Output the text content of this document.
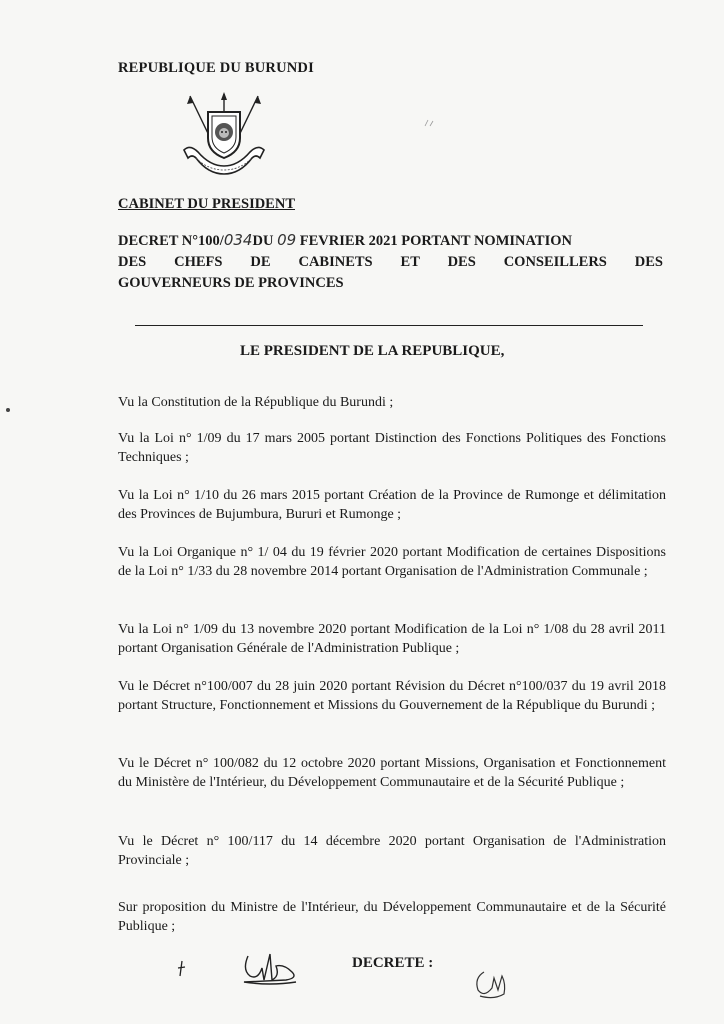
REPUBLIQUE DU BURUNDI
CABINET DU PRESIDENT
DECRET N°100/034DU 09 FEVRIER 2021 PORTANT NOMINATION
DES CHEFS DE CABINETS ET DES CONSEILLERS DES
GOUVERNEURS DE PROVINCES
LE PRESIDENT DE LA REPUBLIQUE,

Vu la Constitution de la République du Burundi ;

Vu la Loi n° 1/09 du 17 mars 2005 portant Distinction des Fonctions Politiques des Fonctions Techniques ;

Vu la Loi n° 1/10 du 26 mars 2015 portant Création de la Province de Rumonge et délimitation des Provinces de Bujumbura, Bururi et Rumonge ;

Vu la Loi Organique n° 1/ 04 du 19 février 2020 portant Modification de certaines Dispositions de la Loi n° 1/33 du 28 novembre 2014 portant Organisation de l'Administration Communale ;

Vu la Loi n° 1/09 du 13 novembre 2020 portant Modification de la Loi n° 1/08 du 28 avril 2011 portant Organisation Générale de l'Administration Publique ;

Vu le Décret n°100/007 du 28 juin 2020 portant Révision du Décret n°100/037 du 19 avril 2018 portant Structure, Fonctionnement et Missions du Gouvernement de la République du Burundi ;

Vu le Décret n° 100/082 du 12 octobre 2020 portant Missions, Organisation et Fonctionnement du Ministère de l'Intérieur, du Développement Communautaire et de la Sécurité Publique ;

Vu le Décret n° 100/117 du 14 décembre 2020 portant Organisation de l'Administration Provinciale ;

Sur proposition du Ministre de l'Intérieur, du Développement Communautaire et de la Sécurité Publique ;

DECRETE :
